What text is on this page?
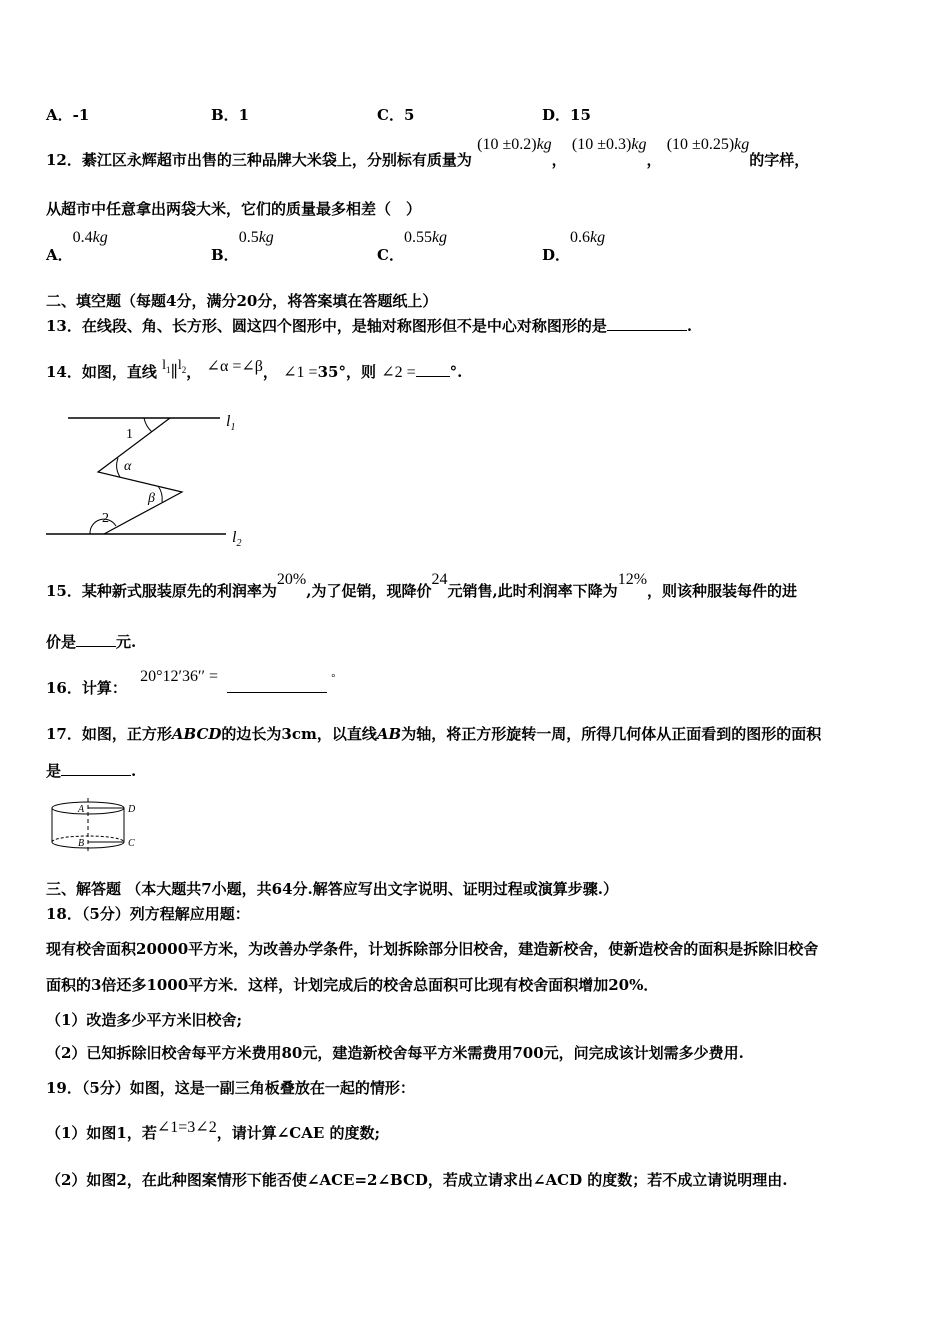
A．-1	B．1	C．5	D．15
12．綦江区永辉超市出售的三种品牌大米袋上，分别标有质量为 (10 ±0.2)kg， (10 ±0.3)kg， (10 ±0.25)kg的字样，
从超市中任意拿出两袋大米，它们的质量最多相差（　）
A．0.4kg
B．0.5kg
C．0.55kg
D．0.6kg
二、填空题（每题4分，满分20分，将答案填在答题纸上）
13．在线段、角、长方形、圆这四个图形中，是轴对称图形但不是中心对称图形的是	.
14．如图，直线 $l_1\parallel l_2$， ∠α =∠β， ∠1 =35°，则 ∠2 = °.
$l_1$
$l_2$
1
α
β
2
15．某种新式服装原先的利润率为20%,为了促销，现降价24元销售,此时利润率下降为12%，则该种服装每件的进
价是	元.
16．计算： 20°12′36′′ =	°
17．如图，正方形ABCD的边长为3cm，以直线AB为轴，将正方形旋转一周，所得几何体从正面看到的图形的面积
是	.
A
B	C
D
三、解答题 （本大题共7小题，共64分.解答应写出文字说明、证明过程或演算步骤.）
18．（5分）列方程解应用题：
现有校舍面积20000平方米，为改善办学条件，计划拆除部分旧校舍，建造新校舍，使新造校舍的面积是拆除旧校舍
面积的3倍还多1000平方米．这样，计划完成后的校舍总面积可比现有校舍面积增加20%．
（1）改造多少平方米旧校舍;
（2）已知拆除旧校舍每平方米费用80元，建造新校舍每平方米需费用700元，问完成该计划需多少费用.
19．（5分）如图，这是一副三角板叠放在一起的情形：
（1）如图1，若∠1=3∠2，请计算∠CAE 的度数;
（2）如图2，在此种图案情形下能否使∠ACE=2∠BCD，若成立请求出∠ACD 的度数；若不成立请说明理由.
